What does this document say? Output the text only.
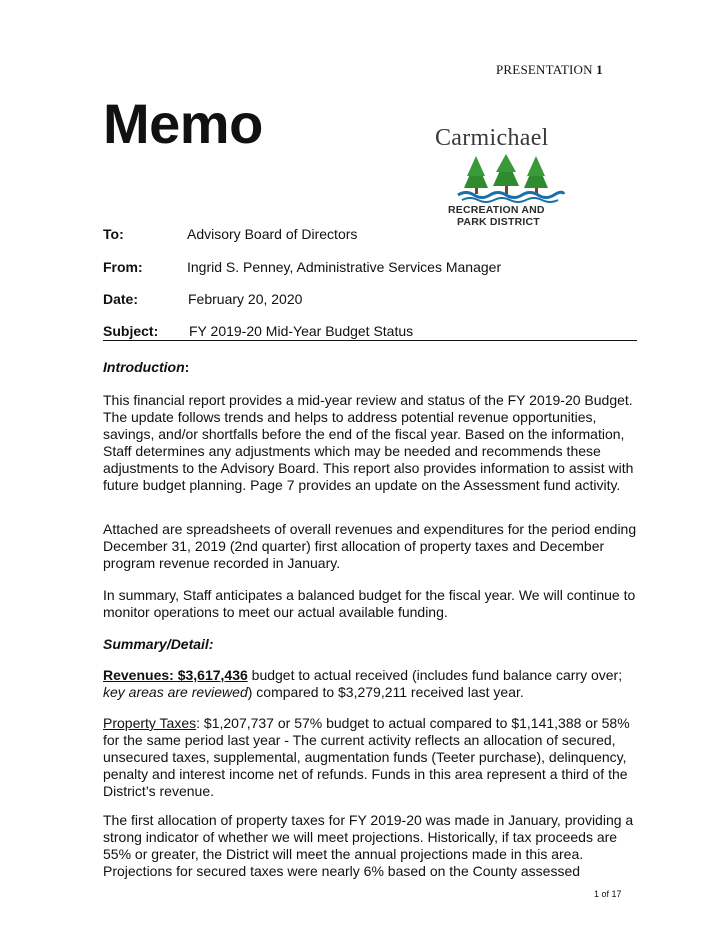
PRESENTATION 1
Memo	Carmichael
RECREATION AND
PARK DISTRICT
To:	Advisory Board of Directors
From:	Ingrid S. Penney, Administrative Services Manager
Date:	February 20, 2020
Subject: FY 2019-20 Mid-Year Budget Status
Introduction:
This financial report provides a mid-year review and status of the FY 2019-20 Budget. The update follows trends and helps to address potential revenue opportunities, savings, and/or shortfalls before the end of the fiscal year. Based on the information, Staff determines any adjustments which may be needed and recommends these adjustments to the Advisory Board. This report also provides information to assist with future budget planning. Page 7 provides an update on the Assessment fund activity.
Attached are spreadsheets of overall revenues and expenditures for the period ending December 31, 2019 (2nd quarter) first allocation of property taxes and December program revenue recorded in January.
In summary, Staff anticipates a balanced budget for the fiscal year. We will continue to monitor operations to meet our actual available funding.
Summary/Detail:
Revenues: $3,617,436 budget to actual received (includes fund balance carry over; key areas are reviewed) compared to $3,279,211 received last year.
Property Taxes: $1,207,737 or 57% budget to actual compared to $1,141,388 or 58% for the same period last year - The current activity reflects an allocation of secured, unsecured taxes, supplemental, augmentation funds (Teeter purchase), delinquency, penalty and interest income net of refunds. Funds in this area represent a third of the District’s revenue.
The first allocation of property taxes for FY 2019-20 was made in January, providing a strong indicator of whether we will meet projections. Historically, if tax proceeds are 55% or greater, the District will meet the annual projections made in this area. Projections for secured taxes were nearly 6% based on the County assessed
1 of 17
